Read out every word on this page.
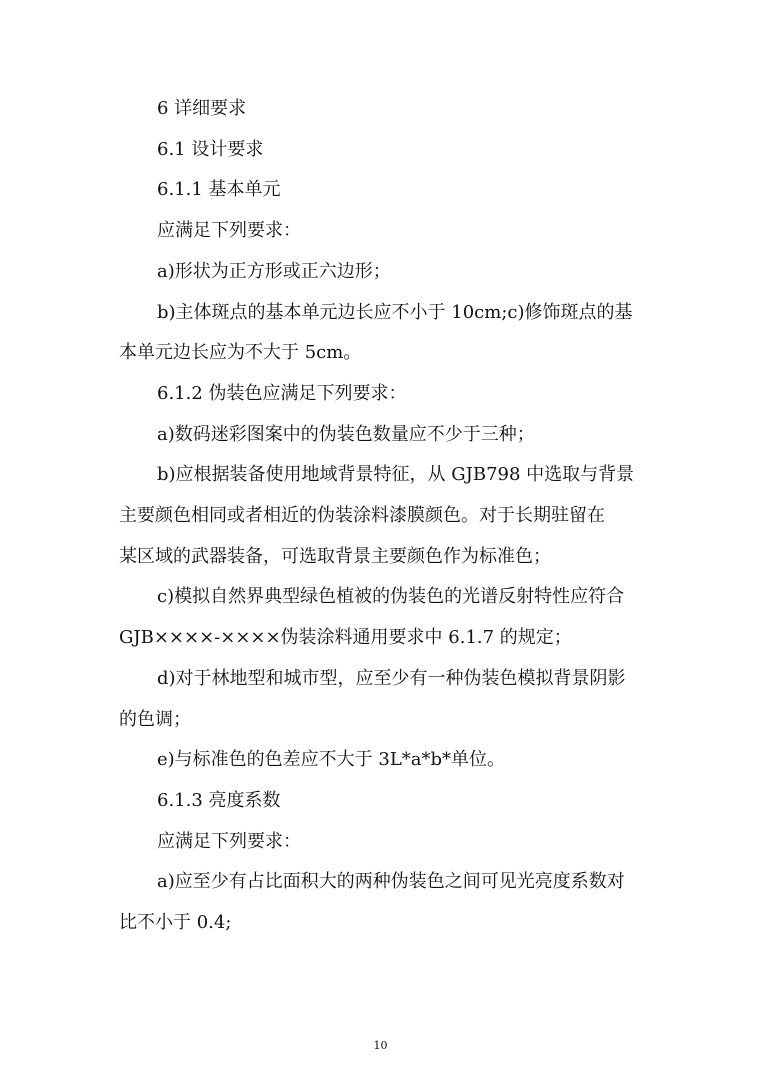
6 详细要求
6.1 设计要求
6.1.1 基本单元
应满足下列要求：
a)形状为正方形或正六边形；
b)主体斑点的基本单元边长应不小于 10cm;c)修饰斑点的基
本单元边长应为不大于 5cm。
6.1.2 伪装色应满足下列要求：
a)数码迷彩图案中的伪装色数量应不少于三种；
b)应根据装备使用地域背景特征，从 GJB798 中选取与背景
主要颜色相同或者相近的伪装涂料漆膜颜色。对于长期驻留在
某区域的武器装备，可选取背景主要颜色作为标准色；
c)模拟自然界典型绿色植被的伪装色的光谱反射特性应符合
GJB××××-××××伪装涂料通用要求中 6.1.7 的规定；
d)对于林地型和城市型，应至少有一种伪装色模拟背景阴影
的色调；
e)与标准色的色差应不大于 3L*a*b*单位。
6.1.3 亮度系数
应满足下列要求：
a)应至少有占比面积大的两种伪装色之间可见光亮度系数对
比不小于 0.4;
10
